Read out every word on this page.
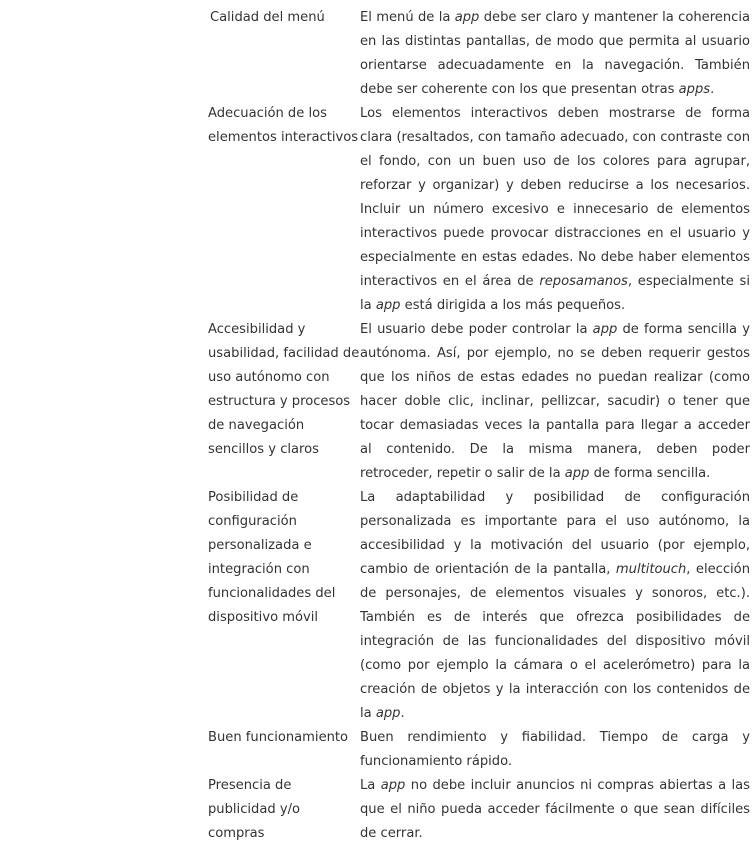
Calidad del menú	El menú de la app debe ser claro y mantener la coherencia en las distintas pantallas, de modo que permita al usuario orientarse adecuadamente en la navegación. También debe ser coherente con los que presentan otras apps.
Adecuación de los elementos interactivos	Los elementos interactivos deben mostrarse de forma clara (resaltados, con tamaño adecuado, con contraste con el fondo, con un buen uso de los colores para agrupar, reforzar y organizar) y deben reducirse a los necesarios. Incluir un número excesivo e innecesario de elementos interactivos puede provocar distracciones en el usuario y especialmente en estas edades. No debe haber elementos interactivos en el área de reposamanos, especialmente si la app está dirigida a los más pequeños.
Accesibilidad y usabilidad, facilidad de uso autónomo con estructura y procesos de navegación sencillos y claros	El usuario debe poder controlar la app de forma sencilla y autónoma. Así, por ejemplo, no se deben requerir gestos que los niños de estas edades no puedan realizar (como hacer doble clic, inclinar, pellizcar, sacudir) o tener que tocar demasiadas veces la pantalla para llegar a acceder al contenido. De la misma manera, deben poder retroceder, repetir o salir de la app de forma sencilla.
Posibilidad de configuración personalizada e integración con funcionalidades del dispositivo móvil	La adaptabilidad y posibilidad de configuración personalizada es importante para el uso autónomo, la accesibilidad y la motivación del usuario (por ejemplo, cambio de orientación de la pantalla, multitouch, elección de personajes, de elementos visuales y sonoros, etc.). También es de interés que ofrezca posibilidades de integración de las funcionalidades del dispositivo móvil (como por ejemplo la cámara o el acelerómetro) para la creación de objetos y la interacción con los contenidos de la app.
Buen funcionamiento	Buen rendimiento y fiabilidad. Tiempo de carga y funcionamiento rápido.
Presencia de publicidad y/o compras	La app no debe incluir anuncios ni compras abiertas a las que el niño pueda acceder fácilmente o que sean difíciles de cerrar.
